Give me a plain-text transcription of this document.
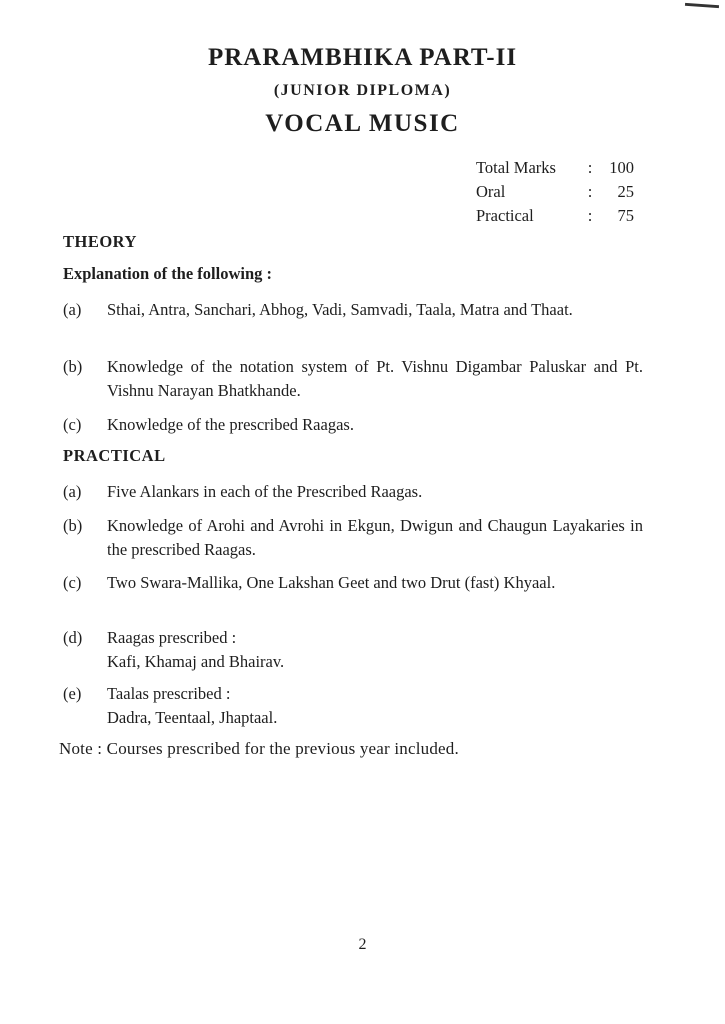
PRARAMBHIKA PART-II
(JUNIOR DIPLOMA)
VOCAL MUSIC
Total Marks	:	100
Oral	:	25
Practical	:	75
THEORY
Explanation of the following :
(a)	Sthai, Antra, Sanchari, Abhog, Vadi, Samvadi, Taala, Matra and Thaat.
(b)	Knowledge of the notation system of Pt. Vishnu Digambar Paluskar and Pt. Vishnu Narayan Bhatkhande.
(c)	Knowledge of the prescribed Raagas.
PRACTICAL
(a)	Five Alankars in each of the Prescribed Raagas.
(b)	Knowledge of Arohi and Avrohi in Ekgun, Dwigun and Chaugun Layakaries in the prescribed Raagas.
(c)	Two Swara-Mallika, One Lakshan Geet and two Drut (fast) Khyaal.
(d)	Raagas prescribed :
Kafi, Khamaj and Bhairav.
(e)	Taalas prescribed :
Dadra, Teentaal, Jhaptaal.
Note : Courses prescribed for the previous year included.
2
